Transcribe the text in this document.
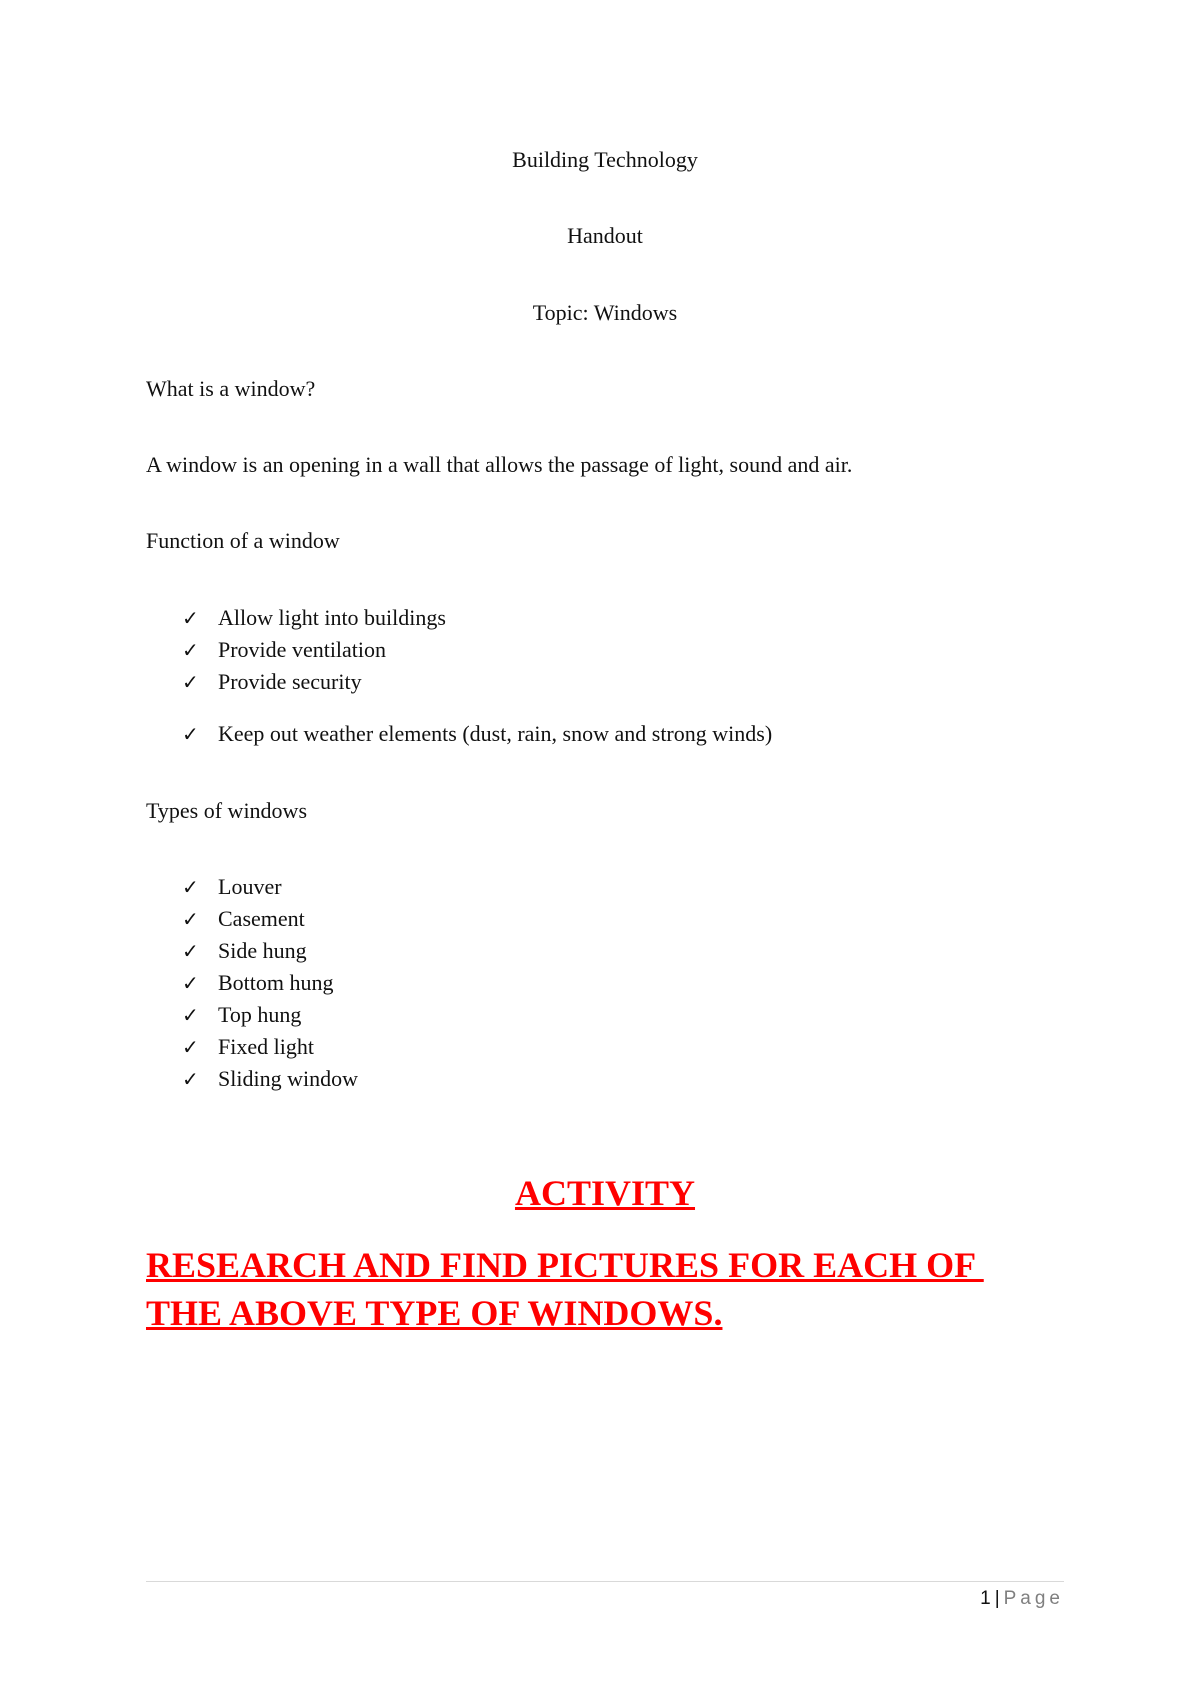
Building Technology
Handout
Topic: Windows
What is a window?
A window is an opening in a wall that allows the passage of light, sound and air.
Function of a window
✓ Allow light into buildings
✓ Provide ventilation
✓ Provide security
✓ Keep out weather elements (dust, rain, snow and strong winds)
Types of windows
✓ Louver
✓ Casement
✓ Side hung
✓ Bottom hung
✓ Top hung
✓ Fixed light
✓ Sliding window
ACTIVITY
RESEARCH AND FIND PICTURES FOR EACH OF
THE ABOVE TYPE OF WINDOWS.
1 | Page
